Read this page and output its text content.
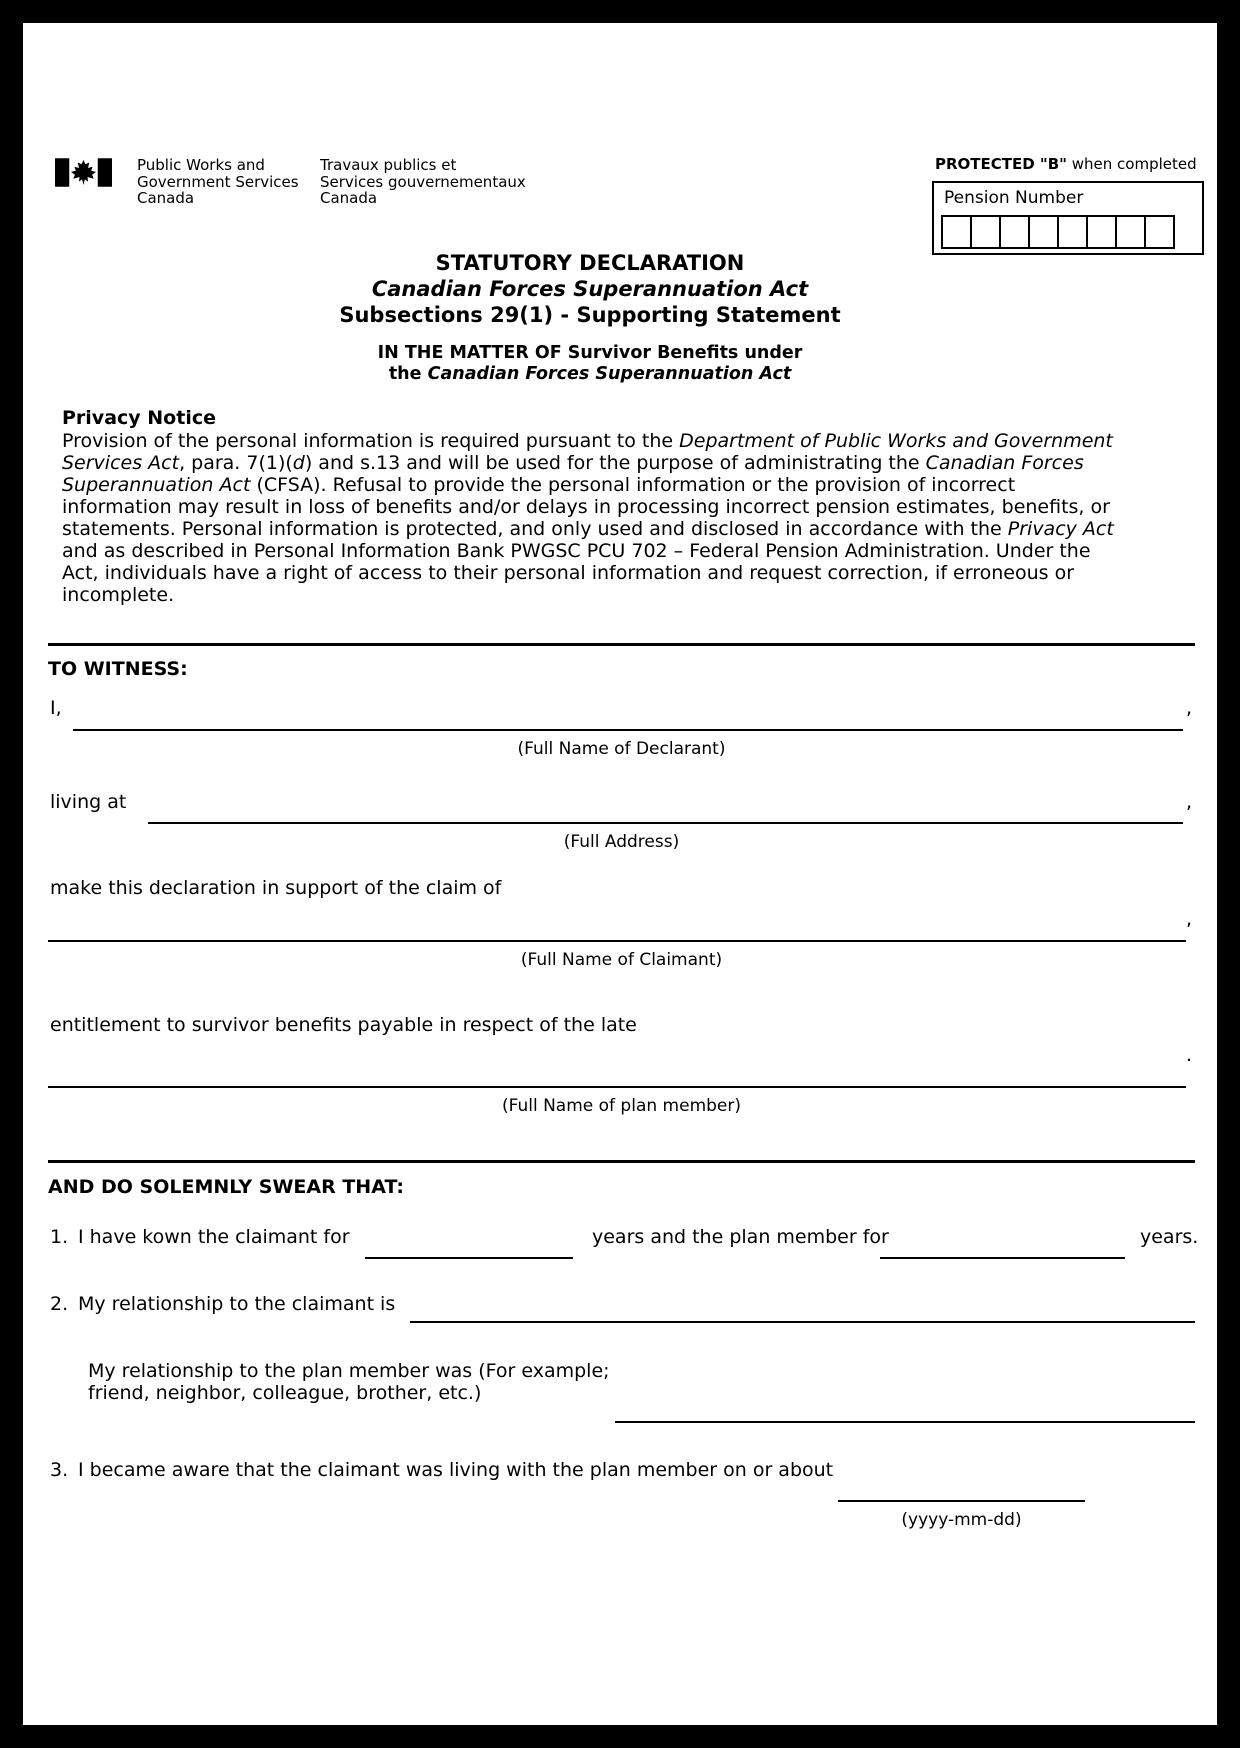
Public Works and
Government Services
Canada
Travaux publics et
Services gouvernementaux
Canada
PROTECTED "B" when completed
Pension Number
STATUTORY DECLARATION
Canadian Forces Superannuation Act
Subsections 29(1) - Supporting Statement
IN THE MATTER OF Survivor Benefits under
the Canadian Forces Superannuation Act
Privacy Notice
Provision of the personal information is required pursuant to the Department of Public Works and Government Services Act, para. 7(1)(d) and s.13 and will be used for the purpose of administrating the Canadian Forces Superannuation Act (CFSA). Refusal to provide the personal information or the provision of incorrect information may result in loss of benefits and/or delays in processing incorrect pension estimates, benefits, or statements. Personal information is protected, and only used and disclosed in accordance with the Privacy Act and as described in Personal Information Bank PWGSC PCU 702 – Federal Pension Administration. Under the Act, individuals have a right of access to their personal information and request correction, if erroneous or incomplete.
TO WITNESS:
I,	,
(Full Name of Declarant)
living at	,
(Full Address)
make this declaration in support of the claim of
,
(Full Name of Claimant)
entitlement to survivor benefits payable in respect of the late
.
(Full Name of plan member)
AND DO SOLEMNLY SWEAR THAT:
1. I have kown the claimant for	years and the plan member for	years.
2. My relationship to the claimant is
My relationship to the plan member was (For example;
friend, neighbor, colleague, brother, etc.)
3. I became aware that the claimant was living with the plan member on or about
(yyyy-mm-dd)
